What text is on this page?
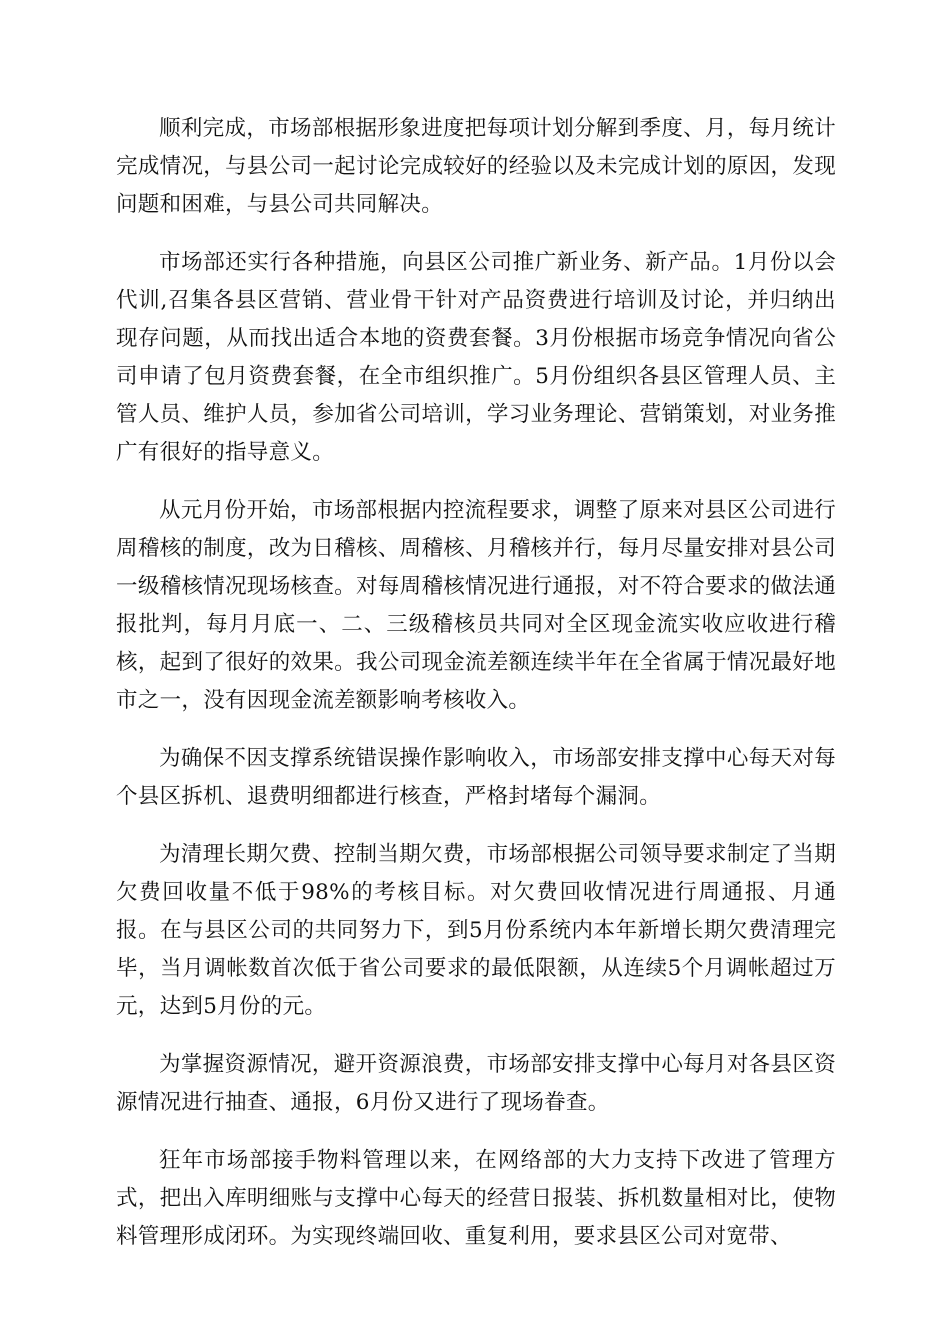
顺利完成，市场部根据形象进度把每项计划分解到季度、月，每月统计完成情况，与县公司一起讨论完成较好的经验以及未完成计划的原因，发现问题和困难，与县公司共同解决。

市场部还实行各种措施，向县区公司推广新业务、新产品。1月份以会代训,召集各县区营销、营业骨干针对产品资费进行培训及讨论，并归纳出现存问题，从而找出适合本地的资费套餐。3月份根据市场竞争情况向省公司申请了包月资费套餐，在全市组织推广。5月份组织各县区管理人员、主管人员、维护人员，参加省公司培训，学习业务理论、营销策划，对业务推广有很好的指导意义。

从元月份开始，市场部根据内控流程要求，调整了原来对县区公司进行周稽核的制度，改为日稽核、周稽核、月稽核并行，每月尽量安排对县公司一级稽核情况现场核查。对每周稽核情况进行通报，对不符合要求的做法通报批判，每月月底一、二、三级稽核员共同对全区现金流实收应收进行稽核，起到了很好的效果。我公司现金流差额连续半年在全省属于情况最好地市之一，没有因现金流差额影响考核收入。

为确保不因支撑系统错误操作影响收入，市场部安排支撑中心每天对每个县区拆机、退费明细都进行核查，严格封堵每个漏洞。

为清理长期欠费、控制当期欠费，市场部根据公司领导要求制定了当期欠费回收量不低于98%的考核目标。对欠费回收情况进行周通报、月通报。在与县区公司的共同努力下，到5月份系统内本年新增长期欠费清理完毕，当月调帐数首次低于省公司要求的最低限额，从连续5个月调帐超过万元，达到5月份的元。

为掌握资源情况，避开资源浪费，市场部安排支撑中心每月对各县区资源情况进行抽查、通报，6月份又进行了现场眷查。

狂年市场部接手物料管理以来，在网络部的大力支持下改进了管理方式，把出入库明细账与支撑中心每天的经营日报装、拆机数量相对比，使物料管理形成闭环。为实现终端回收、重复利用，要求县区公司对宽带、
